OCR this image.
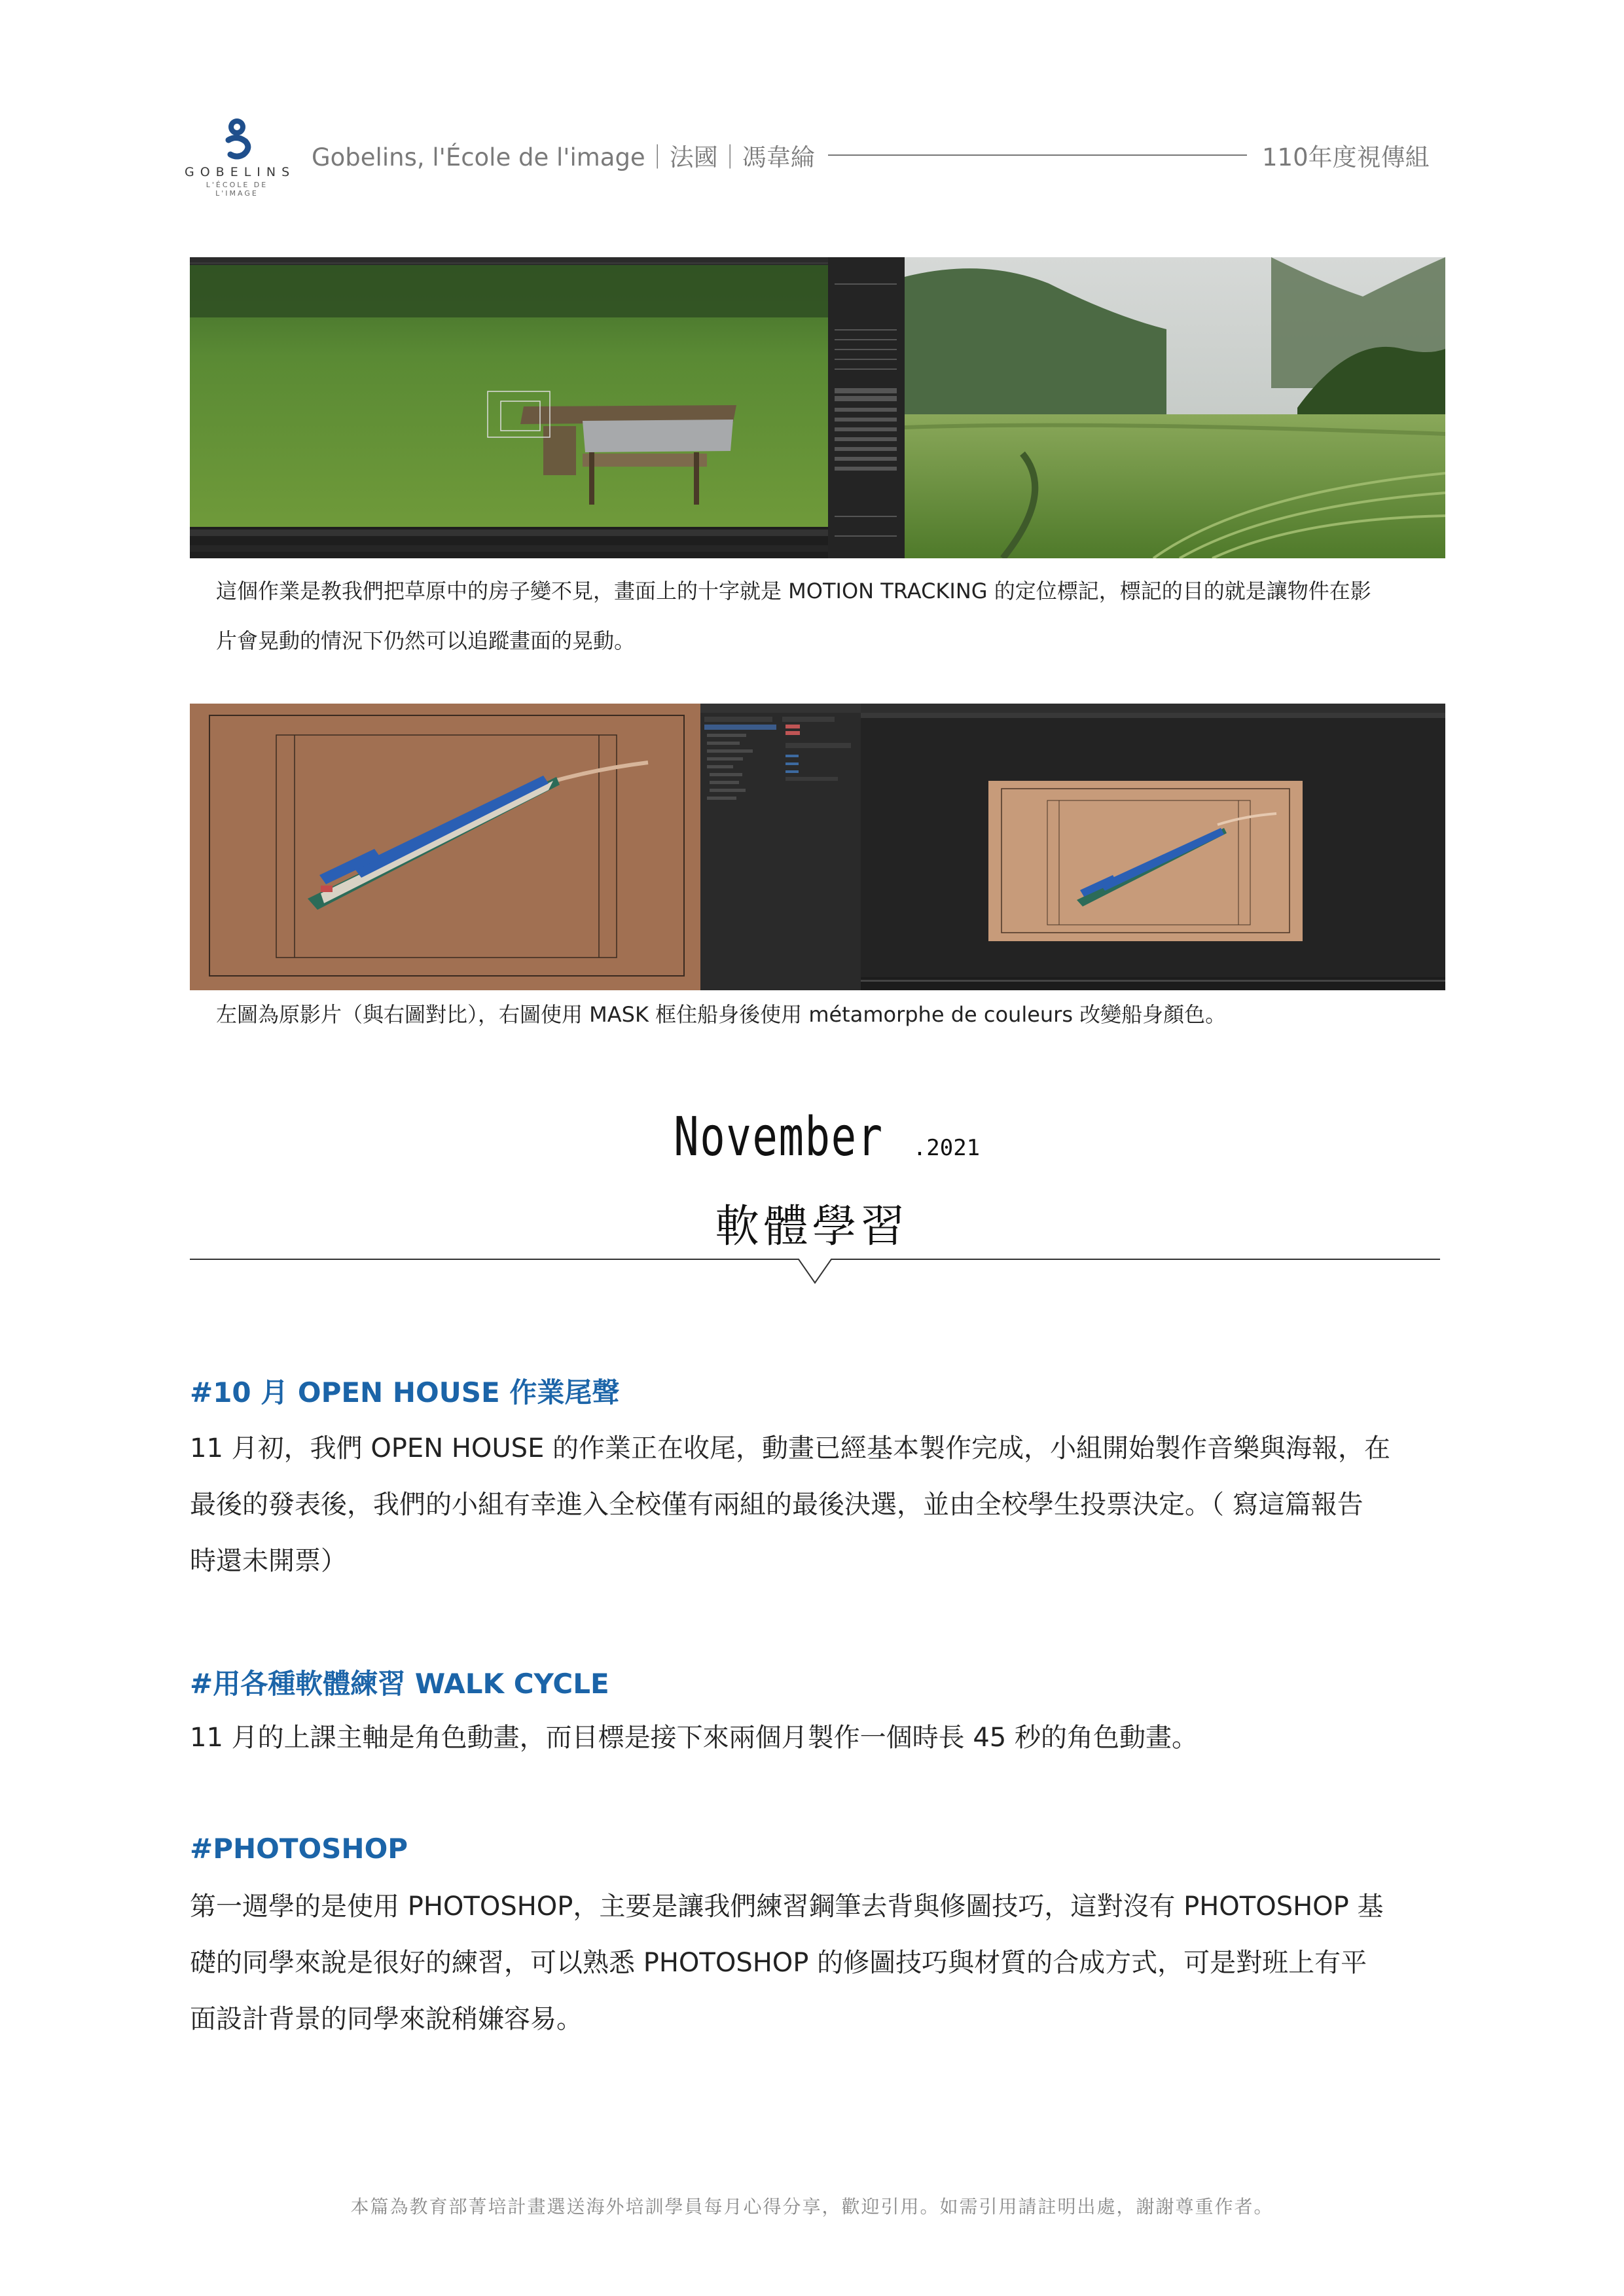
GOBELINS
L'ÉCOLE DE L'IMAGE
Gobelins, l'École de l'image｜法國｜馮韋綸	110年度視傳組
這個作業是教我們把草原中的房子變不見，畫面上的十字就是 MOTION TRACKING 的定位標記，標記的目的就是讓物件在影
片會晃動的情況下仍然可以追蹤畫面的晃動。
左圖為原影片（與右圖對比），右圖使用 MASK 框住船身後使用 métamorphe de couleurs 改變船身顏色。
November .2021
軟體學習
#10 月 OPEN HOUSE 作業尾聲
11 月初，我們 OPEN HOUSE 的作業正在收尾，動畫已經基本製作完成，小組開始製作音樂與海報，在
最後的發表後，我們的小組有幸進入全校僅有兩組的最後決選，並由全校學生投票決定。（ 寫這篇報告
時還未開票）
#用各種軟體練習 WALK CYCLE
11 月的上課主軸是角色動畫，而目標是接下來兩個月製作一個時長 45 秒的角色動畫。
#PHOTOSHOP
第一週學的是使用 PHOTOSHOP，主要是讓我們練習鋼筆去背與修圖技巧，這對沒有 PHOTOSHOP 基
礎的同學來說是很好的練習，可以熟悉 PHOTOSHOP 的修圖技巧與材質的合成方式，可是對班上有平
面設計背景的同學來說稍嫌容易。
本篇為教育部菁培計畫選送海外培訓學員每月心得分享，歡迎引用。如需引用請註明出處，謝謝尊重作者。
